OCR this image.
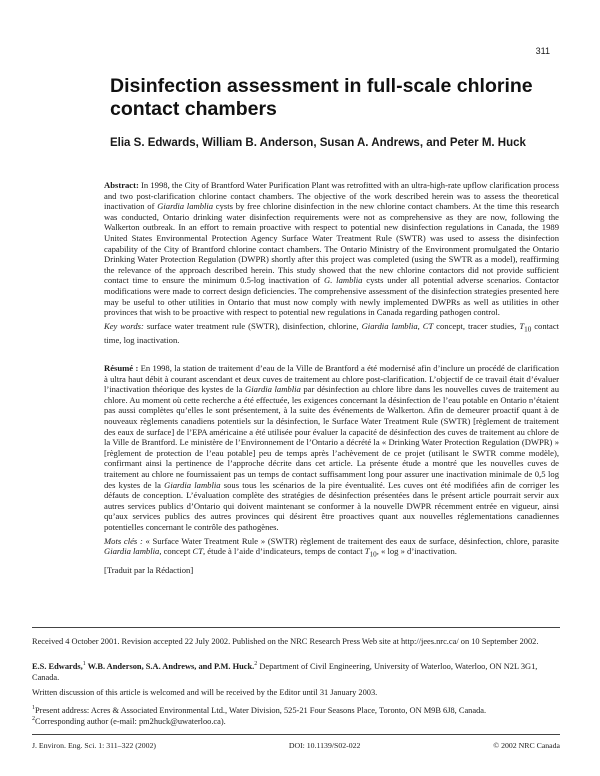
311
Disinfection assessment in full-scale chlorine contact chambers
Elia S. Edwards, William B. Anderson, Susan A. Andrews, and Peter M. Huck

Abstract: In 1998, the City of Brantford Water Purification Plant was retrofitted with an ultra-high-rate upflow clarification process and two post-clarification chlorine contact chambers. The objective of the work described herein was to assess the theoretical inactivation of Giardia lamblia cysts by free chlorine disinfection in the new chlorine contact chambers. At the time this research was conducted, Ontario drinking water disinfection requirements were not as comprehensive as they are now, following the Walkerton outbreak. In an effort to remain proactive with respect to potential new disinfection regulations in Canada, the 1989 United States Environmental Protection Agency Surface Water Treatment Rule (SWTR) was used to assess the disinfection capability of the City of Brantford chlorine contact chambers. The Ontario Ministry of the Environment promulgated the Ontario Drinking Water Protection Regulation (DWPR) shortly after this project was completed (using the SWTR as a model), reaffirming the relevance of the approach described herein. This study showed that the new chlorine contactors did not provide sufficient contact time to ensure the minimum 0.5-log inactivation of G. lamblia cysts under all potential adverse scenarios. Contactor modifications were made to correct design deficiencies. The comprehensive assessment of the disinfection strategies presented here may be useful to other utilities in Ontario that must now comply with newly implemented DWPRs as well as utilities in other provinces that wish to be proactive with respect to potential new regulations in Canada regarding pathogen control.

Key words: surface water treatment rule (SWTR), disinfection, chlorine, Giardia lamblia, CT concept, tracer studies, $T_{10}$ contact time, log inactivation.

Résumé : En 1998, la station de traitement d’eau de la Ville de Brantford a été modernisé afin d’inclure un procédé de clarification à ultra haut débit à courant ascendant et deux cuves de traitement au chlore post-clarification. L’objectif de ce travail était d’évaluer l’inactivation théorique des kystes de la Giardia lamblia par désinfection au chlore libre dans les nouvelles cuves de traitement au chlore. Au moment où cette recherche a été effectuée, les exigences concernant la désinfection de l’eau potable en Ontario n’étaient pas aussi complètes qu’elles le sont présentement, à la suite des événements de Walkerton. Afin de demeurer proactif quant à de nouveaux règlements canadiens potentiels sur la désinfection, le Surface Water Treatment Rule (SWTR) [règlement de traitement des eaux de surface] de l’EPA américaine a été utilisée pour évaluer la capacité de désinfection des cuves de traitement au chlore de la Ville de Brantford. Le ministère de l’Environnement de l’Ontario a décrété la « Drinking Water Protection Regulation (DWPR) » [règlement de protection de l’eau potable] peu de temps après l’achèvement de ce projet (utilisant le SWTR comme modèle), confirmant ainsi la pertinence de l’approche décrite dans cet article. La présente étude a montré que les nouvelles cuves de traitement au chlore ne fournissaient pas un temps de contact suffisamment long pour assurer une inactivation minimale de 0,5 log des kystes de la Giardia lamblia sous tous les scénarios de la pire éventualité. Les cuves ont été modifiées afin de corriger les défauts de conception. L’évaluation complète des stratégies de désinfection présentées dans le présent article pourrait servir aux autres services publics d’Ontario qui doivent maintenant se conformer à la nouvelle DWPR récemment entrée en vigueur, ainsi qu’aux services publics des autres provinces qui désirent être proactives quant aux nouvelles réglementations canadiennes potentielles concernant le contrôle des pathogènes.

Mots clés : « Surface Water Treatment Rule » (SWTR) règlement de traitement des eaux de surface, désinfection, chlore, parasite Giardia lamblia, concept CT, étude à l’aide d’indicateurs, temps de contact $T_{10}$, « log » d’inactivation.

[Traduit par la Rédaction]

Received 4 October 2001. Revision accepted 22 July 2002. Published on the NRC Research Press Web site at http://jees.nrc.ca/ on 10 September 2002.
E.S. Edwards,$^1$ W.B. Anderson, S.A. Andrews, and P.M. Huck.$^2$ Department of Civil Engineering, University of Waterloo, Waterloo, ON N2L 3G1, Canada.
Written discussion of this article is welcomed and will be received by the Editor until 31 January 2003.
$^1$Present address: Acres & Associated Environmental Ltd., Water Division, 525-21 Four Seasons Place, Toronto, ON M9B 6J8, Canada.
$^2$Corresponding author (e-mail: pm2huck@uwaterloo.ca).
J. Environ. Eng. Sci. 1: 311–322 (2002)	DOI: 10.1139/S02-022	© 2002 NRC Canada
